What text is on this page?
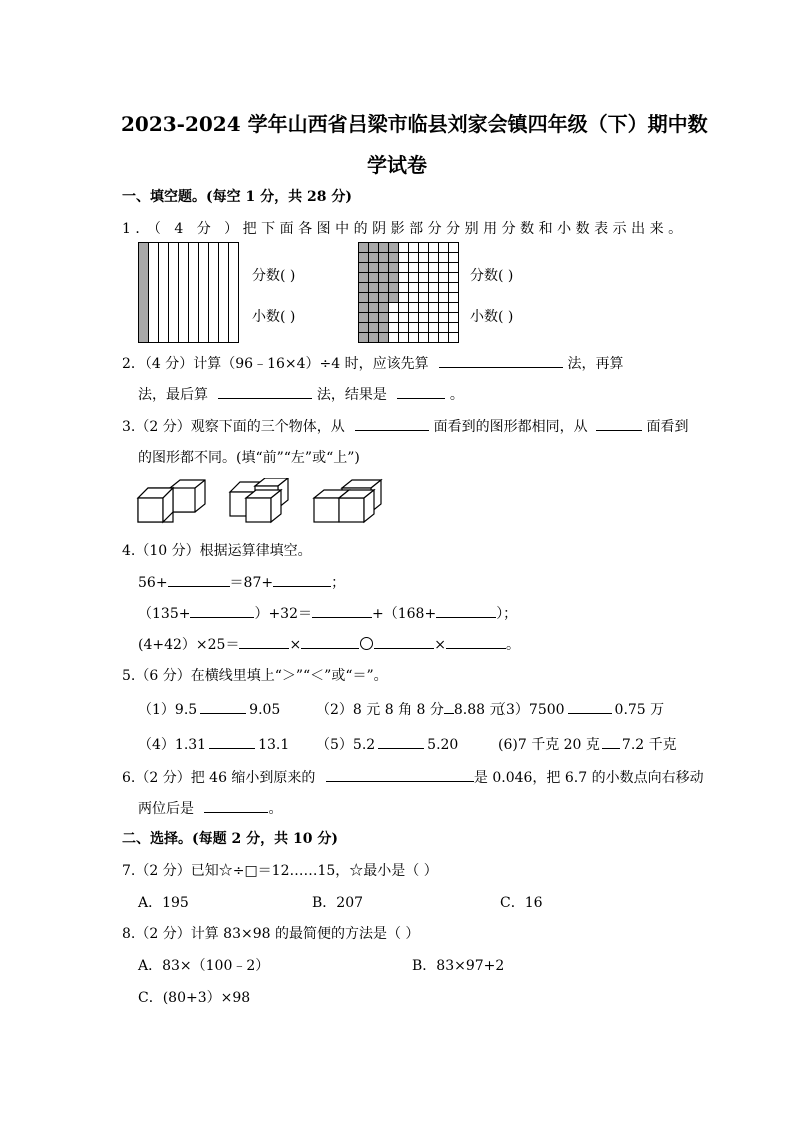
2023-2024 学年山西省吕梁市临县刘家会镇四年级（下）期中数
学试卷
一、填空题。(每空 1 分，共 28 分)
1．（ 4 分 ）把下面各图中的阴影部分分别用分数和小数表示出来。
分数( )
小数( )
分数( )
小数( )
2．（4 分）计算（96﹣16×4）÷4 时，应该先算	法，再算
法，最后算	法，结果是	。
3.（2 分）观察下面的三个物体，从	面看到的图形都相同，从	面看到
的图形都不同。(填“前”“左”或“上”)
4.（10 分）根据运算律填空。
56+	＝87+	；
（135+	）+32＝	+（168+	）；
(4+42）×25＝	×	×	。
5.（6 分）在横线里填上“＞”“＜”或“＝”。
（1）9.5	9.05	（2）8 元 8 角 8 分 8.88 元
（3）7500	0.75 万
（4）1.31	13.1 （5）5.2	5.20	(6)7 千克 20 克 7.2 千克
6.（2 分）把 46 缩小到原来的	是 0.046，把 6.7 的小数点向右移动
两位后是	。
二、选择。(每题 2 分，共 10 分)
7.（2 分）已知☆÷□＝12……15，☆最小是（ ）
A．195	B．207	C．16
8.（2 分）计算 83×98 的最简便的方法是（ ）
A．83×（100﹣2）	B．83×97+2
C．(80+3）×98
